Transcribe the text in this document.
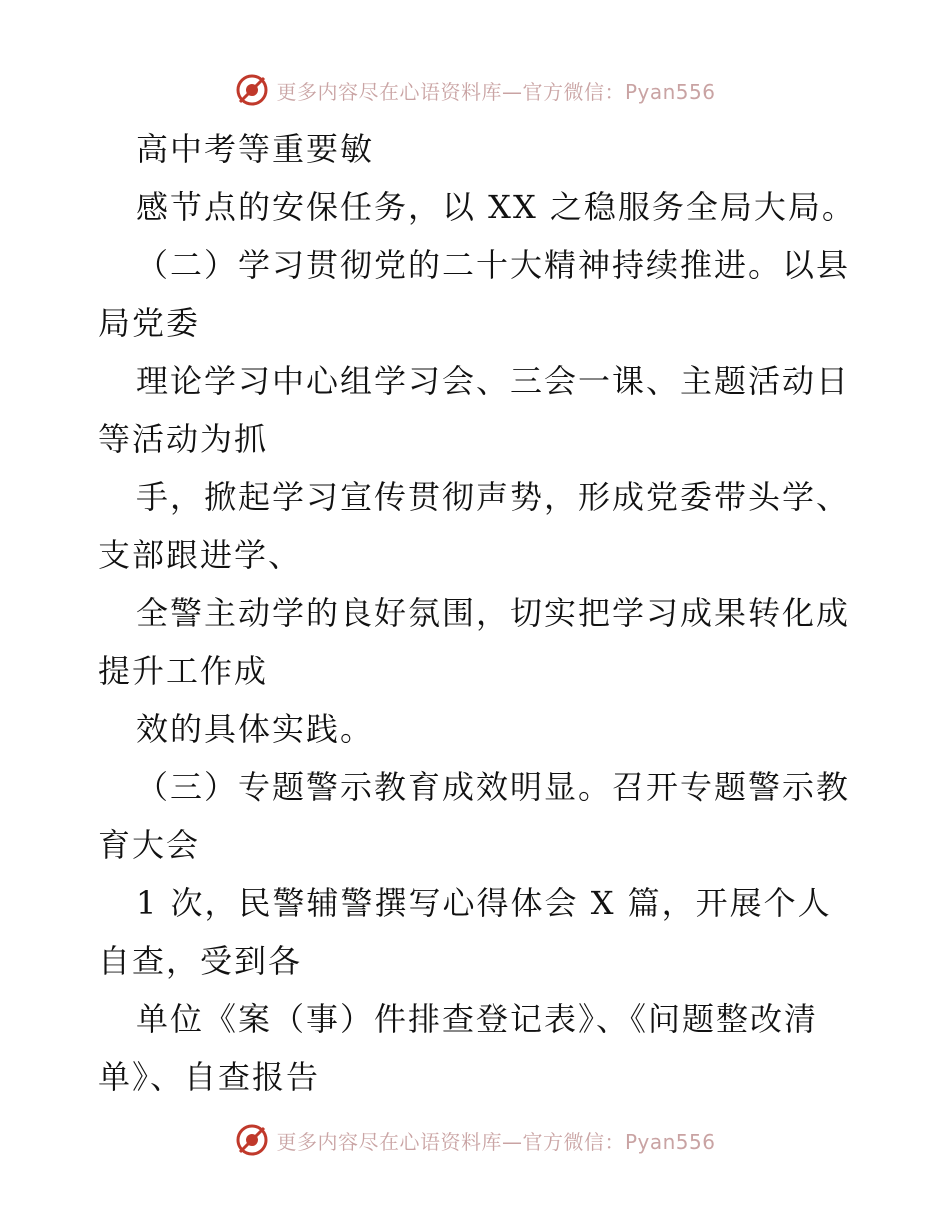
更多内容尽在心语资料库—官方微信：Pyan556
高中考等重要敏
感节点的安保任务，以 XX 之稳服务全局大局。
（二）学习贯彻党的二十大精神持续推进。以县
局党委
理论学习中心组学习会、三会一课、主题活动日
等活动为抓
手，掀起学习宣传贯彻声势，形成党委带头学、
支部跟进学、
全警主动学的良好氛围，切实把学习成果转化成
提升工作成
效的具体实践。
（三）专题警示教育成效明显。召开专题警示教
育大会
1 次，民警辅警撰写心得体会 X 篇，开展个人
自查，受到各
单位《案（事）件排查登记表》、《问题整改清
单》、自查报告
更多内容尽在心语资料库—官方微信：Pyan556
